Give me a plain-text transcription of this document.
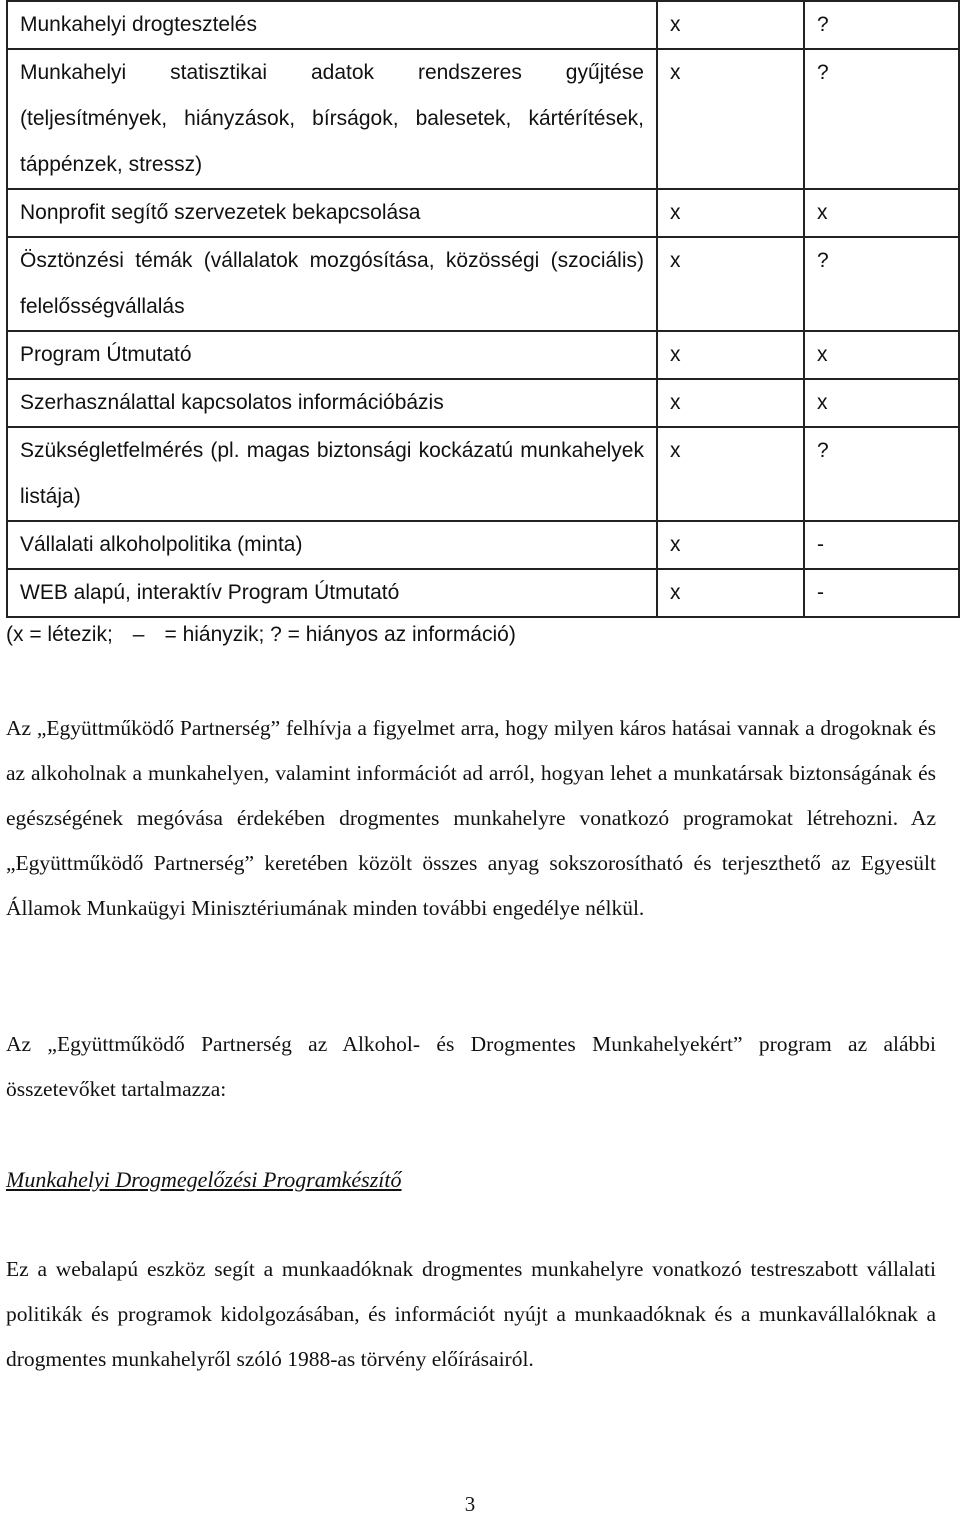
Munkahelyi drogtesztelés	x	?
Munkahelyi statisztikai adatok rendszeres gyűjtése (teljesítmények, hiányzások, bírságok, balesetek, kártérítések, táppénzek, stressz)	x	?
Nonprofit segítő szervezetek bekapcsolása	x	x
Ösztönzési témák (vállalatok mozgósítása, közösségi (szociális) felelősségvállalás	x	?
Program Útmutató	x	x
Szerhasználattal kapcsolatos információbázis	x	x
Szükségletfelmérés (pl. magas biztonsági kockázatú munkahelyek listája)	x	?
Vállalati alkoholpolitika (minta)	x	-
WEB alapú, interaktív Program Útmutató	x	-
(x = létezik; – = hiányzik; ? = hiányos az információ)
Az „Együttműködő Partnerség” felhívja a figyelmet arra, hogy milyen káros hatásai vannak a drogoknak és az alkoholnak a munkahelyen, valamint információt ad arról, hogyan lehet a munkatársak biztonságának és egészségének megóvása érdekében drogmentes munkahelyre vonatkozó programokat létrehozni. Az „Együttműködő Partnerség” keretében közölt összes anyag sokszorosítható és terjeszthető az Egyesült Államok Munkaügyi Minisztériumának minden további engedélye nélkül.
Az „Együttműködő Partnerség az Alkohol- és Drogmentes Munkahelyekért” program az alábbi összetevőket tartalmazza:
Munkahelyi Drogmegelőzési Programkészítő
Ez a webalapú eszköz segít a munkaadóknak drogmentes munkahelyre vonatkozó testreszabott vállalati politikák és programok kidolgozásában, és információt nyújt a munkaadóknak és a munkavállalóknak a drogmentes munkahelyről szóló 1988-as törvény előírásairól.
3
